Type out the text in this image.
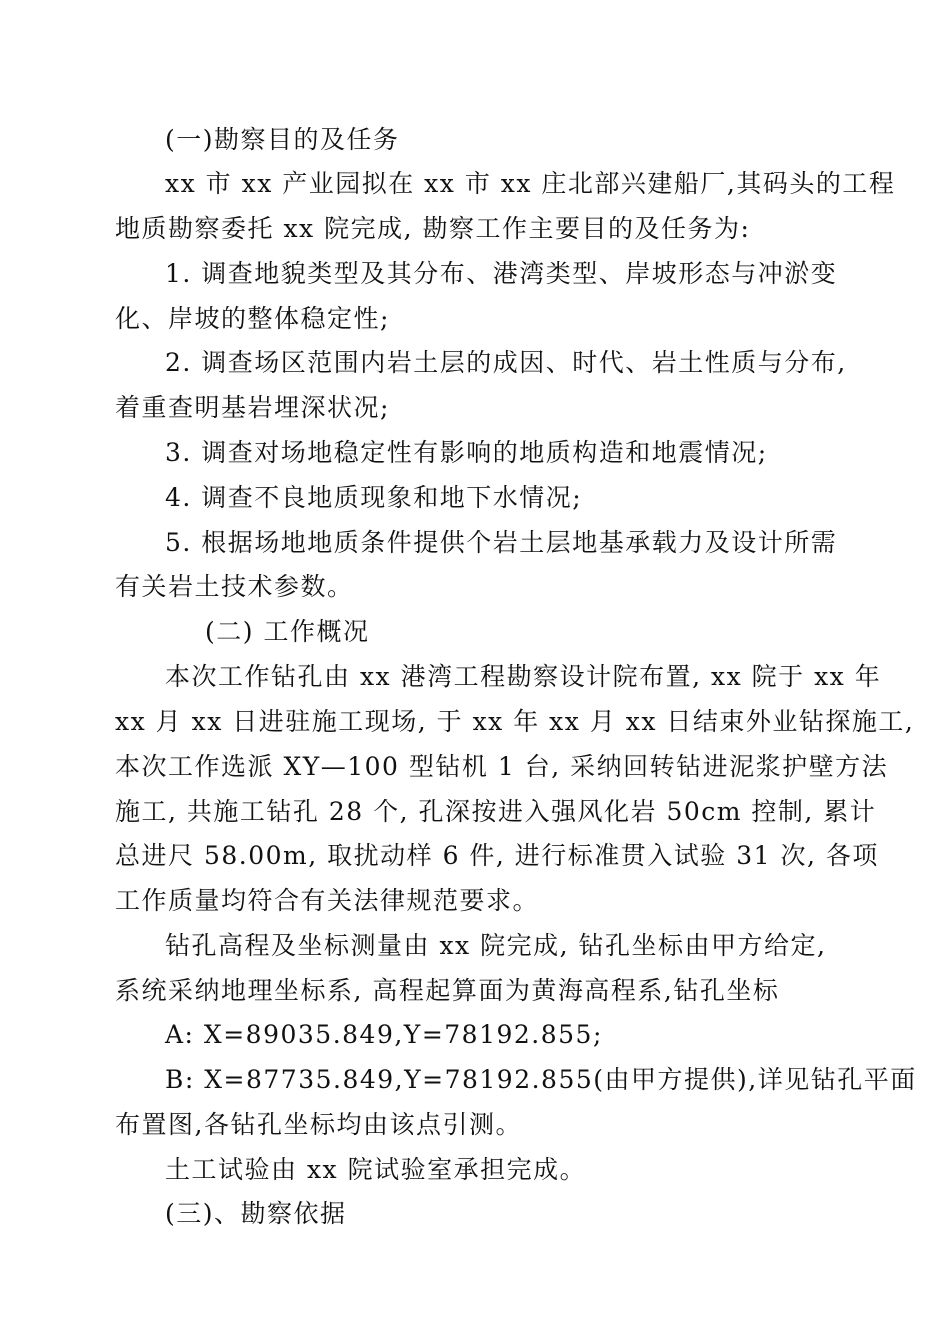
(一)勘察目的及任务
xx 市 xx 产业园拟在 xx 市 xx 庄北部兴建船厂,其码头的工程
地质勘察委托 xx 院完成, 勘察工作主要目的及任务为:
1. 调查地貌类型及其分布、港湾类型、岸坡形态与冲淤变
化、岸坡的整体稳定性;
2. 调查场区范围内岩土层的成因、时代、岩土性质与分布,
着重查明基岩埋深状况;
3. 调查对场地稳定性有影响的地质构造和地震情况;
4. 调查不良地质现象和地下水情况;
5. 根据场地地质条件提供个岩土层地基承载力及设计所需
有关岩土技术参数。
(二) 工作概况
本次工作钻孔由 xx 港湾工程勘察设计院布置, xx 院于 xx 年
xx 月 xx 日进驻施工现场, 于 xx 年 xx 月 xx 日结束外业钻探施工,
本次工作选派 XY—100 型钻机 1 台, 采纳回转钻进泥浆护壁方法
施工, 共施工钻孔 28 个, 孔深按进入强风化岩 50cm 控制, 累计
总进尺 58.00m, 取扰动样 6 件, 进行标准贯入试验 31 次, 各项
工作质量均符合有关法律规范要求。
钻孔高程及坐标测量由 xx 院完成, 钻孔坐标由甲方给定,
系统采纳地理坐标系, 高程起算面为黄海高程系,钻孔坐标
A: X=89035.849,Y=78192.855;
B: X=87735.849,Y=78192.855(由甲方提供),详见钻孔平面
布置图,各钻孔坐标均由该点引测。
土工试验由 xx 院试验室承担完成。
(三)、勘察依据
